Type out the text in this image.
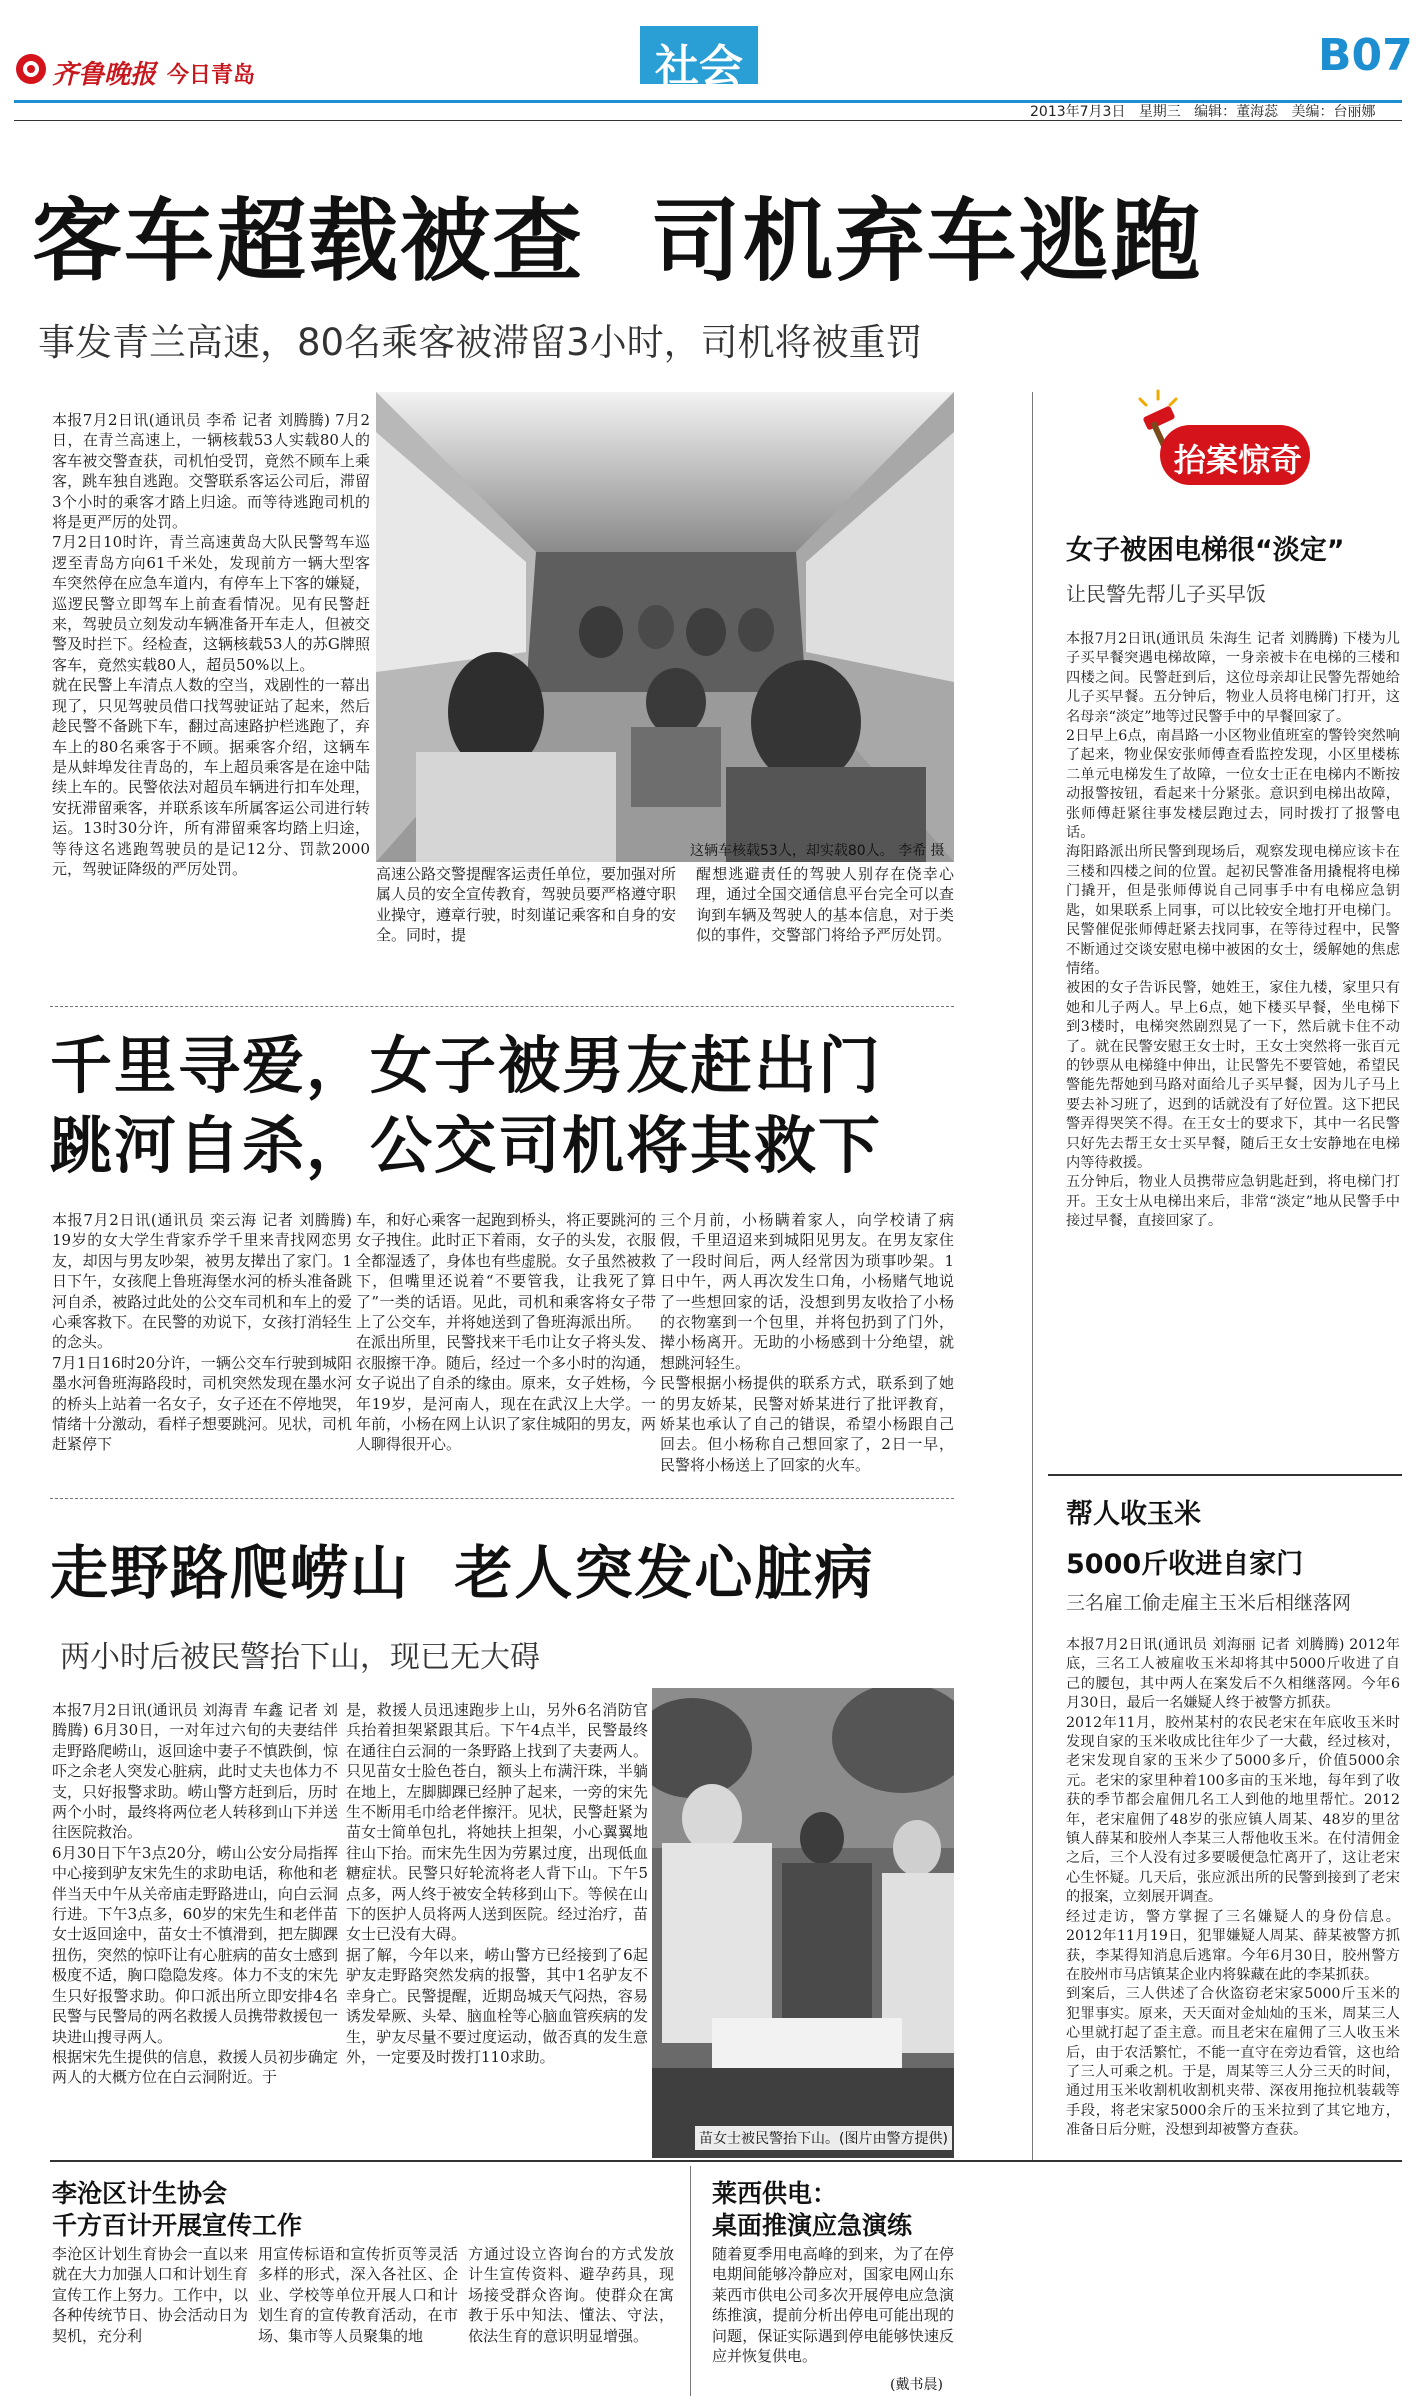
齐鲁晚报 今日青岛	社会	B07
2013年7月3日 星期三 编辑：董海蕊 美编：台丽娜
客车超载被查  司机弃车逃跑
事发青兰高速，80名乘客被滞留3小时，司机将被重罚
本报7月2日讯(通讯员 李希 记者 刘腾腾) 7月2日，在青兰高速上，一辆核载53人实载80人的客车被交警查获，司机怕受罚，竟然不顾车上乘客，跳车独自逃跑。交警联系客运公司后，滞留3个小时的乘客才踏上归途。而等待逃跑司机的将是更严厉的处罚。
7月2日10时许，青兰高速黄岛大队民警驾车巡逻至青岛方向61千米处，发现前方一辆大型客车突然停在应急车道内，有停车上下客的嫌疑，巡逻民警立即驾车上前查看情况。见有民警赶来，驾驶员立刻发动车辆准备开车走人，但被交警及时拦下。经检查，这辆核载53人的苏G牌照客车，竟然实载80人，超员50%以上。
就在民警上车清点人数的空当，戏剧性的一幕出现了，只见驾驶员借口找驾驶证站了起来，然后趁民警不备跳下车，翻过高速路护栏逃跑了，弃车上的80名乘客于不顾。据乘客介绍，这辆车是从蚌埠发往青岛的，车上超员乘客是在途中陆续上车的。民警依法对超员车辆进行扣车处理，安抚滞留乘客，并联系该车所属客运公司进行转运。13时30分许，所有滞留乘客均踏上归途，等待这名逃跑驾驶员的是记12分、罚款2000元，驾驶证降级的严厉处罚。
这辆车核载53人，却实载80人。 李希 摄
高速公路交警提醒客运责任单位，要加强对所属人员的安全宣传教育，驾驶员要严格遵守职业操守，遵章行驶，时刻谨记乘客和自身的安全。同时，提
醒想逃避责任的驾驶人别存在侥幸心理，通过全国交通信息平台完全可以查询到车辆及驾驶人的基本信息，对于类似的事件，交警部门将给予严厉处罚。
千里寻爱，女子被男友赶出门
跳河自杀，公交司机将其救下
本报7月2日讯(通讯员 栾云海 记者 刘腾腾) 19岁的女大学生背家乔学千里来青找网恋男友，却因与男友吵架，被男友撵出了家门。1日下午，女孩爬上鲁班海堡水河的桥头准备跳河自杀，被路过此处的公交车司机和车上的爱心乘客救下。在民警的劝说下，女孩打消轻生的念头。
7月1日16时20分许，一辆公交车行驶到城阳墨水河鲁班海路段时，司机突然发现在墨水河的桥头上站着一名女子，女子还在不停地哭，情绪十分激动，看样子想要跳河。见状，司机赶紧停下
车，和好心乘客一起跑到桥头，将正要跳河的女子拽住。此时正下着雨，女子的头发，衣服全都湿透了，身体也有些虚脱。女子虽然被救下，但嘴里还说着“不要管我，让我死了算了”一类的话语。见此，司机和乘客将女子带上了公交车，并将她送到了鲁班海派出所。
在派出所里，民警找来干毛巾让女子将头发、衣服擦干净。随后，经过一个多小时的沟通，女子说出了自杀的缘由。原来，女子姓杨，今年19岁，是河南人，现在在武汉上大学。一年前，小杨在网上认识了家住城阳的男友，两人聊得很开心。
三个月前，小杨瞒着家人，向学校请了病假，千里迢迢来到城阳见男友。在男友家住了一段时间后，两人经常因为琐事吵架。1日中午，两人再次发生口角，小杨赌气地说了一些想回家的话，没想到男友收拾了小杨的衣物塞到一个包里，并将包扔到了门外，撵小杨离开。无助的小杨感到十分绝望，就想跳河轻生。
民警根据小杨提供的联系方式，联系到了她的男友娇某，民警对娇某进行了批评教育，娇某也承认了自己的错误，希望小杨跟自己回去。但小杨称自己想回家了，2日一早，民警将小杨送上了回家的火车。
走野路爬崂山  老人突发心脏病
两小时后被民警抬下山，现已无大碍
本报7月2日讯(通讯员 刘海青 车鑫 记者 刘腾腾) 6月30日，一对年过六旬的夫妻结伴走野路爬崂山，返回途中妻子不慎跌倒，惊吓之余老人突发心脏病，此时丈夫也体力不支，只好报警求助。崂山警方赶到后，历时两个小时，最终将两位老人转移到山下并送往医院救治。
6月30日下午3点20分，崂山公安分局指挥中心接到驴友宋先生的求助电话，称他和老伴当天中午从关帝庙走野路进山，向白云洞行进。下午3点多，60岁的宋先生和老伴苗女士返回途中，苗女士不慎滑到，把左脚踝扭伤，突然的惊吓让有心脏病的苗女士感到极度不适，胸口隐隐发疼。体力不支的宋先生只好报警求助。仰口派出所立即安排4名民警与民警局的两名救援人员携带救援包一块进山搜寻两人。
根据宋先生提供的信息，救援人员初步确定两人的大概方位在白云洞附近。于
是，救援人员迅速跑步上山，另外6名消防官兵抬着担架紧跟其后。下午4点半，民警最终在通往白云洞的一条野路上找到了夫妻两人。只见苗女士脸色苍白，额头上布满汗珠，半躺在地上，左脚脚踝已经肿了起来，一旁的宋先生不断用毛巾给老伴擦汗。见状，民警赶紧为苗女士简单包扎，将她扶上担架，小心翼翼地往山下抬。而宋先生因为劳累过度，出现低血糖症状。民警只好轮流将老人背下山。下午5点多，两人终于被安全转移到山下。等候在山下的医护人员将两人送到医院。经过治疗，苗女士已没有大碍。
据了解，今年以来，崂山警方已经接到了6起驴友走野路突然发病的报警，其中1名驴友不幸身亡。民警提醒，近期岛城天气闷热，容易诱发晕厥、头晕、脑血栓等心脑血管疾病的发生，驴友尽量不要过度运动，做否真的发生意外，一定要及时拨打110求助。
苗女士被民警抬下山。(图片由警方提供)
李沧区计生协会
千方百计开展宣传工作
李沧区计划生育协会一直以来就在大力加强人口和计划生育宣传工作上努力。工作中，以各种传统节日、协会活动日为契机，充分利
用宣传标语和宣传折页等灵活多样的形式，深入各社区、企业、学校等单位开展人口和计划生育的宣传教育活动，在市场、集市等人员聚集的地
方通过设立咨询台的方式发放计生宣传资料、避孕药具，现场接受群众咨询。使群众在寓教于乐中知法、懂法、守法，依法生育的意识明显增强。
莱西供电：
桌面推演应急演练
随着夏季用电高峰的到来，为了在停电期间能够冷静应对，国家电网山东莱西市供电公司多次开展停电应急演练推演，提前分析出停电可能出现的问题，保证实际遇到停电能够快速反应并恢复供电。
(戴书晨)
抬案惊奇
女子被困电梯很“淡定”
让民警先帮儿子买早饭
本报7月2日讯(通讯员 朱海生 记者 刘腾腾) 下楼为儿子买早餐突遇电梯故障，一身亲被卡在电梯的三楼和四楼之间。民警赶到后，这位母亲却让民警先帮她给儿子买早餐。五分钟后，物业人员将电梯门打开，这名母亲“淡定”地等过民警手中的早餐回家了。
2日早上6点，南昌路一小区物业值班室的警铃突然响了起来，物业保安张师傅查看监控发现，小区里楼栋二单元电梯发生了故障，一位女士正在电梯内不断按动报警按钮，看起来十分紧张。意识到电梯出故障，张师傅赶紧往事发楼层跑过去，同时拨打了报警电话。
海阳路派出所民警到现场后，观察发现电梯应该卡在三楼和四楼之间的位置。起初民警准备用撬棍将电梯门撬开，但是张师傅说自己同事手中有电梯应急钥匙，如果联系上同事，可以比较安全地打开电梯门。民警催促张师傅赶紧去找同事，在等待过程中，民警不断通过交谈安慰电梯中被困的女士，缓解她的焦虑情绪。
被困的女子告诉民警，她姓王，家住九楼，家里只有她和儿子两人。早上6点，她下楼买早餐，坐电梯下到3楼时，电梯突然剧烈晃了一下，然后就卡住不动了。就在民警安慰王女士时，王女士突然将一张百元的钞票从电梯缝中伸出，让民警先不要管她，希望民警能先帮她到马路对面给儿子买早餐，因为儿子马上要去补习班了，迟到的话就没有了好位置。这下把民警弄得哭笑不得。在王女士的要求下，其中一名民警只好先去帮王女士买早餐，随后王女士安静地在电梯内等待救援。
五分钟后，物业人员携带应急钥匙赶到，将电梯门打开。王女士从电梯出来后，非常“淡定”地从民警手中接过早餐，直接回家了。
帮人收玉米
5000斤收进自家门
三名雇工偷走雇主玉米后相继落网
本报7月2日讯(通讯员 刘海丽 记者 刘腾腾) 2012年底，三名工人被雇收玉米却将其中5000斤收进了自己的腰包，其中两人在案发后不久相继落网。今年6月30日，最后一名嫌疑人终于被警方抓获。
2012年11月，胶州某村的农民老宋在年底收玉米时发现自家的玉米收成比往年少了一大截，经过核对，老宋发现自家的玉米少了5000多斤，价值5000余元。老宋的家里种着100多亩的玉米地，每年到了收获的季节都会雇佣几名工人到他的地里帮忙。2012年，老宋雇佣了48岁的张应镇人周某、48岁的里岔镇人薛某和胶州人李某三人帮他收玉米。在付清佣金之后，三个人没有过多要暖便急忙离开了，这让老宋心生怀疑。几天后，张应派出所的民警到接到了老宋的报案，立刻展开调查。
经过走访，警方掌握了三名嫌疑人的身份信息。2012年11月19日，犯罪嫌疑人周某、薛某被警方抓获，李某得知消息后逃窜。今年6月30日，胶州警方在胶州市马店镇某企业内将躲藏在此的李某抓获。
到案后，三人供述了合伙盗窃老宋家5000斤玉米的犯罪事实。原来，天天面对金灿灿的玉米，周某三人心里就打起了歪主意。而且老宋在雇佣了三人收玉米后，由于农活繁忙，不能一直守在旁边看管，这也给了三人可乘之机。于是，周某等三人分三天的时间，通过用玉米收割机收割机夹带、深夜用拖拉机装载等手段，将老宋家5000余斤的玉米拉到了其它地方，准备日后分赃，没想到却被警方查获。
